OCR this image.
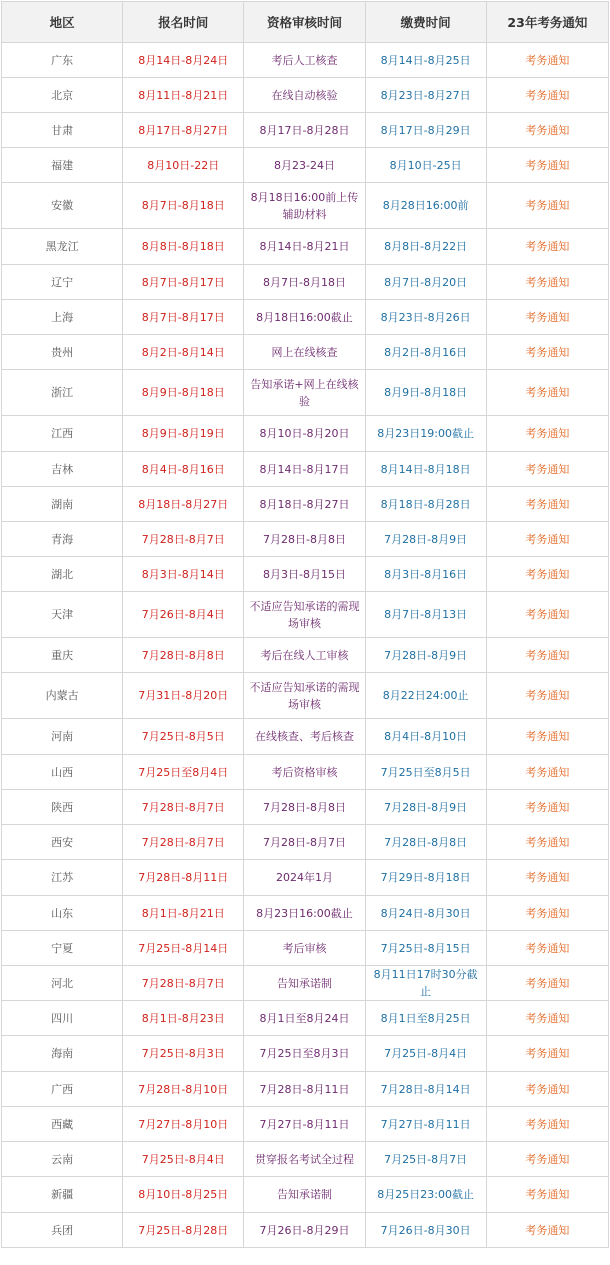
地区	报名时间	资格审核时间	缴费时间	23年考务通知
广东	8月14日-8月24日	考后人工核查	8月14日-8月25日	考务通知
北京	8月11日-8月21日	在线自动核验	8月23日-8月27日	考务通知
甘肃	8月17日-8月27日	8月17日-8月28日	8月17日-8月29日	考务通知
福建	8月10日-22日	8月23-24日	8月10日-25日	考务通知
安徽	8月7日-8月18日	8月18日16:00前上传辅助材料	8月28日16:00前	考务通知
黑龙江	8月8日-8月18日	8月14日-8月21日	8月8日-8月22日	考务通知
辽宁	8月7日-8月17日	8月7日-8月18日	8月7日-8月20日	考务通知
上海	8月7日-8月17日	8月18日16:00截止	8月23日-8月26日	考务通知
贵州	8月2日-8月14日	网上在线核查	8月2日-8月16日	考务通知
浙江	8月9日-8月18日	告知承诺+网上在线核验	8月9日-8月18日	考务通知
江西	8月9日-8月19日	8月10日-8月20日	8月23日19:00截止	考务通知
吉林	8月4日-8月16日	8月14日-8月17日	8月14日-8月18日	考务通知
湖南	8月18日-8月27日	8月18日-8月27日	8月18日-8月28日	考务通知
青海	7月28日-8月7日	7月28日-8月8日	7月28日-8月9日	考务通知
湖北	8月3日-8月14日	8月3日-8月15日	8月3日-8月16日	考务通知
天津	7月26日-8月4日	不适应告知承诺的需现场审核	8月7日-8月13日	考务通知
重庆	7月28日-8月8日	考后在线人工审核	7月28日-8月9日	考务通知
内蒙古	7月31日-8月20日	不适应告知承诺的需现场审核	8月22日24:00止	考务通知
河南	7月25日-8月5日	在线核查、考后核查	8月4日-8月10日	考务通知
山西	7月25日至8月4日	考后资格审核	7月25日至8月5日	考务通知
陕西	7月28日-8月7日	7月28日-8月8日	7月28日-8月9日	考务通知
西安	7月28日-8月7日	7月28日-8月7日	7月28日-8月8日	考务通知
江苏	7月28日-8月11日	2024年1月	7月29日-8月18日	考务通知
山东	8月1日-8月21日	8月23日16:00截止	8月24日-8月30日	考务通知
宁夏	7月25日-8月14日	考后审核	7月25日-8月15日	考务通知
河北	7月28日-8月7日	告知承诺制	8月11日17时30分截止	考务通知
四川	8月1日-8月23日	8月1日至8月24日	8月1日至8月25日	考务通知
海南	7月25日-8月3日	7月25日至8月3日	7月25日-8月4日	考务通知
广西	7月28日-8月10日	7月28日-8月11日	7月28日-8月14日	考务通知
西藏	7月27日-8月10日	7月27日-8月11日	7月27日-8月11日	考务通知
云南	7月25日-8月4日	贯穿报名考试全过程	7月25日-8月7日	考务通知
新疆	8月10日-8月25日	告知承诺制	8月25日23:00截止	考务通知
兵团	7月25日-8月28日	7月26日-8月29日	7月26日-8月30日	考务通知
